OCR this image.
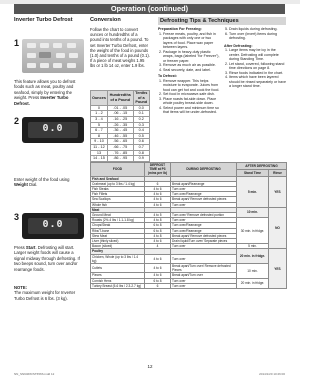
Operation (continued)
Inverter Turbo Defrost
1

This feature allows you to defrost foods such as meat, poultry and seafood, simply by entering the weight. Press Inverter Turbo Defrost.

2
0.0

Enter weight of the food using Weight Dial.

3
0.0

Press Start. Defrosting will start. Larger weight foods will cause a signal midway through defrosting. If two beeps sound, turn over and/or rearrange foods.

NOTE:
The maximum weight for Inverter Turbo Defrost is 6 lbs. (3 kg).

Conversion

Follow the chart to convert ounces or hundredths of a pound into tenths of a pound. To set Inverter Turbo Defrost, enter the weight of the food in pounds (1.0) and tenths of a pound (0.1). If a piece of meat weighs 1.95 lbs or 1 lb 14 oz, enter 1.9 lbs.

Ounces	Hundredths of a Pound	Tenths of a Pound
0	.01 - .05	0.0
1 - 2	.06 - .15	0.1
3 - 4	.16 - .25	0.2
5	.26 - .35	0.3
6 - 7	.36 - .45	0.4
8	.46 - .55	0.5
9 - 10	.56 - .65	0.6
11 - 12	.66 - .75	0.7
13	.76 - .85	0.8
14 - 15	.86 - .95	0.9
Defrosting Tips & Techniques
Preparation For Freezing:
1. Freeze meats, poultry, and fish in packages with only one or two layers of food. Place wax paper between layers.
2. Package in heavy-duty plastic wraps, bags (labeled "for Freezer"), or freezer paper.
3. Remove as much air as possible.
4. Seal securely, date, and label.
To Defrost:
1. Remove wrapper. This helps moisture to evaporate. Juices from food can get hot and cook the food.
2. Set food in microwave-safe dish.
3. Place roasts fat-side down. Place whole poultry breast-side down.
4. Select power and minimum time so that items will be under-defrosted.
5. Drain liquids during defrosting.
6. Turn over (invert) items during defrosting.
After Defrosting:
1. Large items may be icy in the center. Defrosting will complete during Standing Time.
2. Let stand, covered, following stand time directions on page 8.
3. Rinse foods indicated in the chart.
4. Items which have been layered should be rinsed separately or have a longer stand time.
FOOD	DEFROST TIME at P3 (mins per lb)	DURING DEFROSTING	AFTER DEFROSTING	
			Stand Time	Rinse
Fish and Seafood			5 min.	YES
Crabmeat (up to 3 lbs / 1.4 kg)	6	Break apart/Rearrange		
Fish Steaks	4 to 6	Turn over		
Fish Fillets	4 to 6	Turn over/Rearrange		
Sea Scallops	4 to 6	Break apart/ Remove defrosted pieces		
Whole fish	4 to 6	Turn over		
Meat			10 min.	NO
Ground Meat	4 to 5	Turn over/ Remove defrosted portion		
Roasts (2½-4 lbs / 1.1-1.8 kg)	4 to 8	Turn over	30 min. in fridge.	
Chops/Steak	6 to 8	Turn over/Rearrange		
Ribs/T-bone	6 to 8	Turn over/Rearrange		
Stew Meat	4 to 8	Break apart/ Remove defrosted pieces		
Liver (thinly sliced)	4 to 6	Drain liquid/Turn over/ Separate pieces		
Bacon (sliced)	4	Turn over	5 min.	
Poultry			20 min. in fridge.	YES
Chicken, Whole (up to 3 lbs / 1.4 kg)	4 to 6	Turn over		
Cutlets	4 to 6	Break apart/Turn over/ Remove defrosted Pieces	10 min.	
Pieces	4 to 6	Break apart/Turn over		
Cornish Hens	6 to 8	Turn over	20 min. in fridge.	
Turkey Breast (5-6 lbs / 2.3-2.7 kg)	6	Turn over		
12
NN_SN946W/ST656S.indd 12	2014/1/20 10:26:00
